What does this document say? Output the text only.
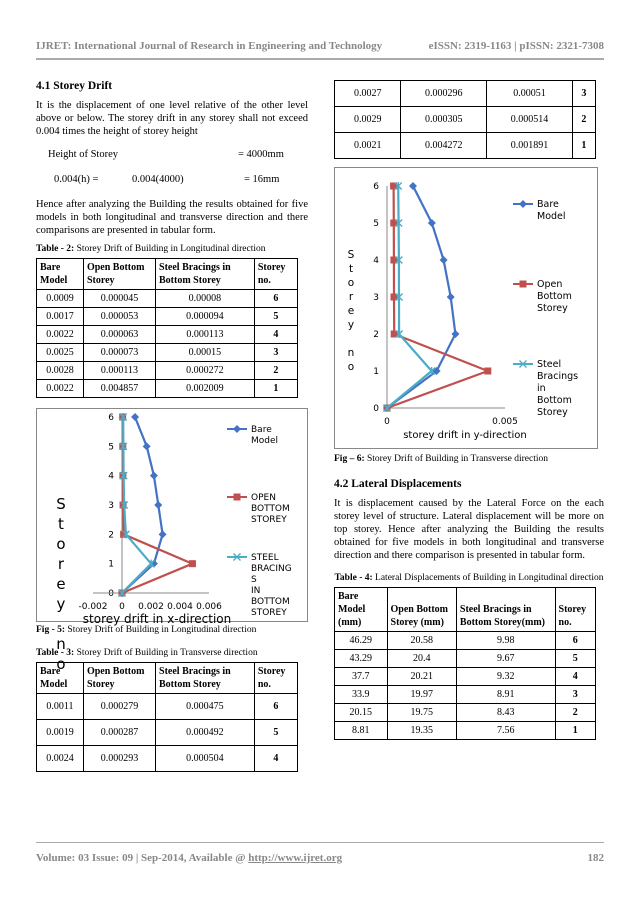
IJRET: International Journal of Research in Engineering and Technology	eISSN: 2319-1163 | pISSN: 2321-7308
4.1 Storey Drift

It is the displacement of one level relative of the other level above or below. The storey drift in any storey shall not exceed 0.004 times the height of storey height

Height of Storey	= 4000mm
0.004(h) =	0.004(4000)	= 16mm

Hence after analyzing the Building the results obtained for five models in both longitudinal and transverse direction and there comparisons are presented in tabular form.

Table - 2: Storey Drift of Building in Longitudinal direction
Bare Model	Open Bottom Storey	Steel Bracings in Bottom Storey	Storey no.
0.0009	0.000045	0.00008	6
0.0017	0.000053	0.000094	5
0.0022	0.000063	0.000113	4
0.0025	0.000073	0.00015	3
0.0028	0.000113	0.000272	2
0.0022	0.004857	0.002009	1
0
1
2
3
4
5
6
-0.002 0 0.002 0.004 0.006
Bare
Model
OPEN
BOTTOM
STOREY
STEEL
BRACING
S
IN
BOTTOM
STOREY
storey drift in x-direction
S
t
o
r
e
y
n
o
Fig - 5: Storey Drift of Building in Longitudinal direction
Table - 3: Storey Drift of Building in Transverse direction
Bare Model	Open Bottom Storey	Steel Bracings in Bottom Storey	Storey no.
0.0011	0.000279	0.000475	6
0.0019	0.000287	0.000492	5
0.0024	0.000293	0.000504	4
0.0027	0.000296	0.00051	3
0.0029	0.000305	0.000514	2
0.0021	0.004272	0.001891	1
0
1
2
3
4
5
6
0	0.005
Bare
Model
Open
Bottom
Storey
Steel
Bracings
in
Bottom
Storey
storey drift in y-direction
S
t
o
r
e
y
n
o
Fig – 6: Storey Drift of Building in Transverse direction
4.2 Lateral Displacements

It is displacement caused by the Lateral Force on the each storey level of structure. Lateral displacement will be more on top storey. Hence after analyzing the Building the results obtained for five models in both longitudinal and transverse direction and there comparison is presented in tabular form.

Table - 4: Lateral Displacements of Building in Longitudinal direction
Bare Model (mm)	Open Bottom Storey (mm)	Steel Bracings in Bottom Storey(mm)	Storey no.
46.29	20.58	9.98	6
43.29	20.4	9.67	5
37.7	20.21	9.32	4
33.9	19.97	8.91	3
20.15	19.75	8.43	2
8.81	19.35	7.56	1
Volume: 03 Issue: 09 | Sep-2014, Available @ http://www.ijret.org	182
